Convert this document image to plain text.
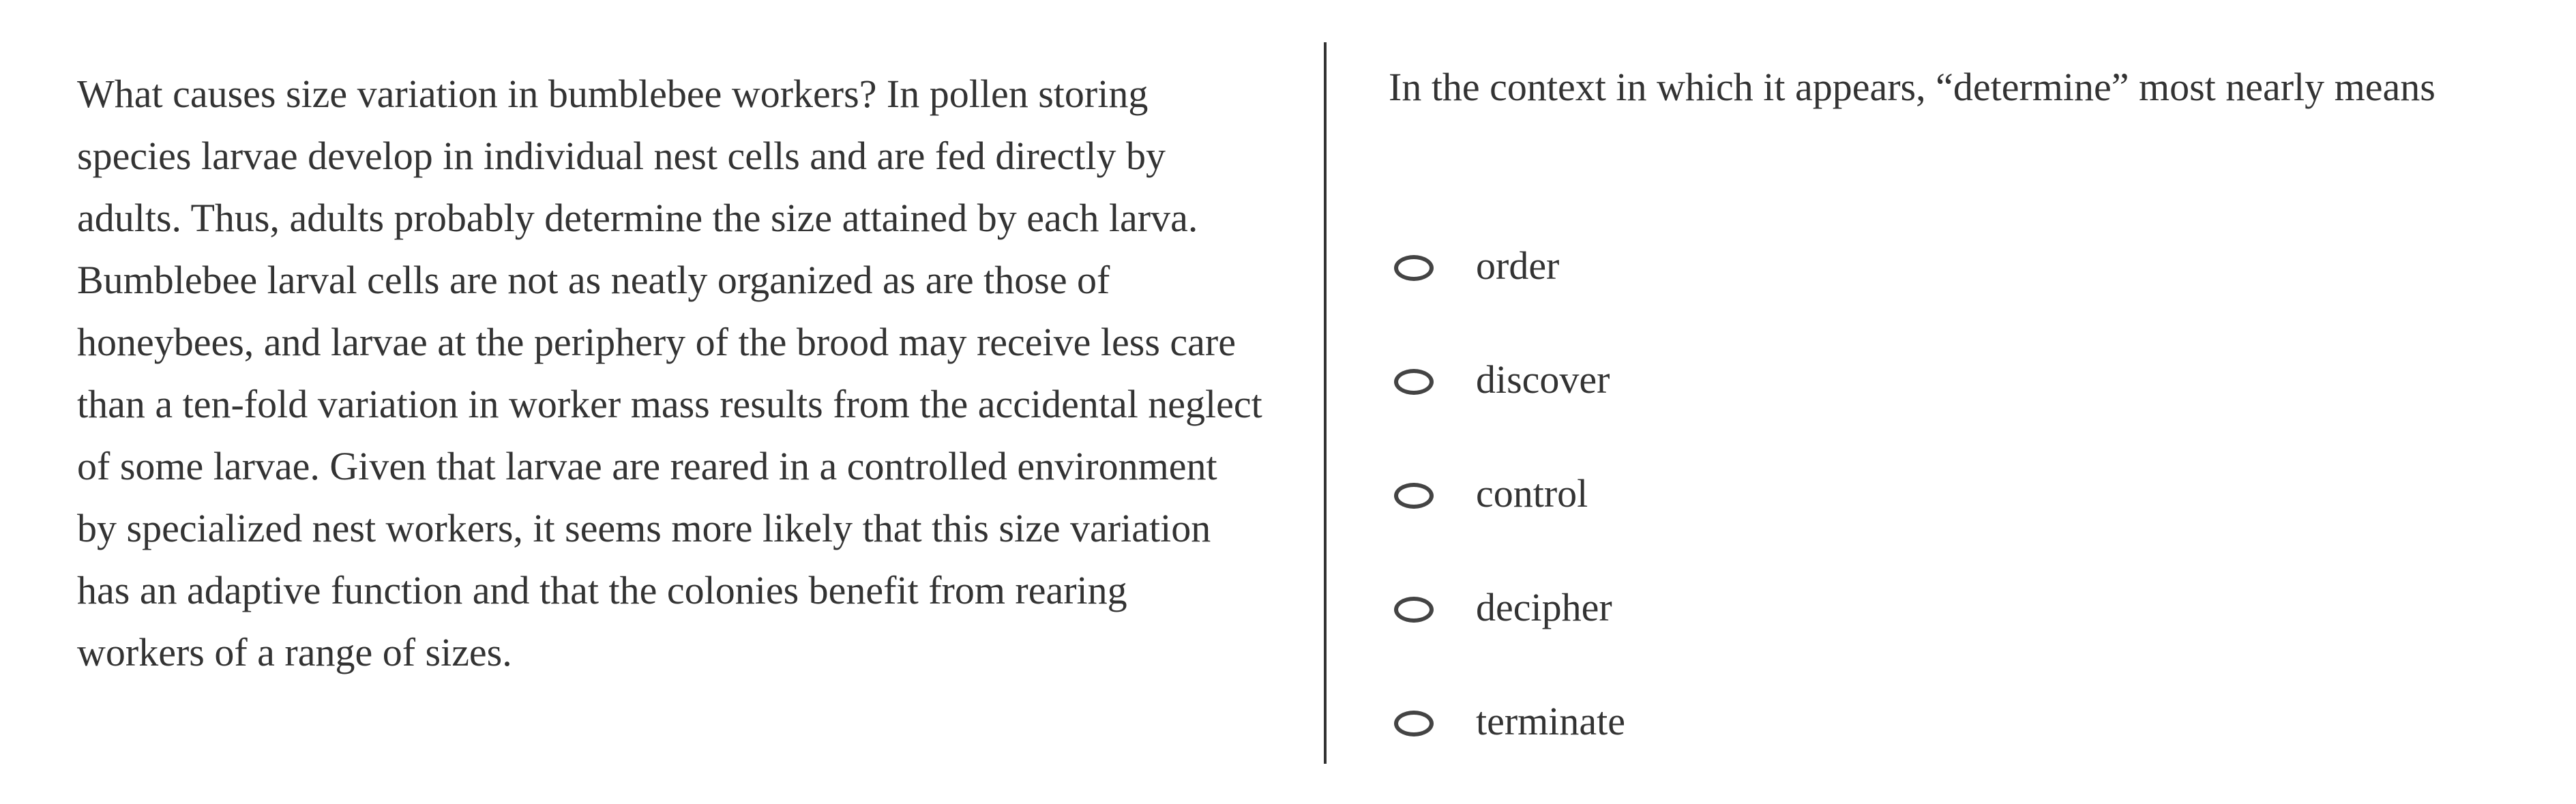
What causes size variation in bumblebee workers? In pollen storing species larvae develop in individual nest cells and are fed directly by adults. Thus, adults probably determine the size attained by each larva. Bumblebee larval cells are not as neatly organized as are those of honeybees, and larvae at the periphery of the brood may receive less care than a ten-fold variation in worker mass results from the accidental neglect of some larvae. Given that larvae are reared in a controlled environment by specialized nest workers, it seems more likely that this size variation has an adaptive function and that the colonies benefit from rearing workers of a range of sizes.

In the context in which it appears, “determine” most nearly means

order
discover
control
decipher
terminate
